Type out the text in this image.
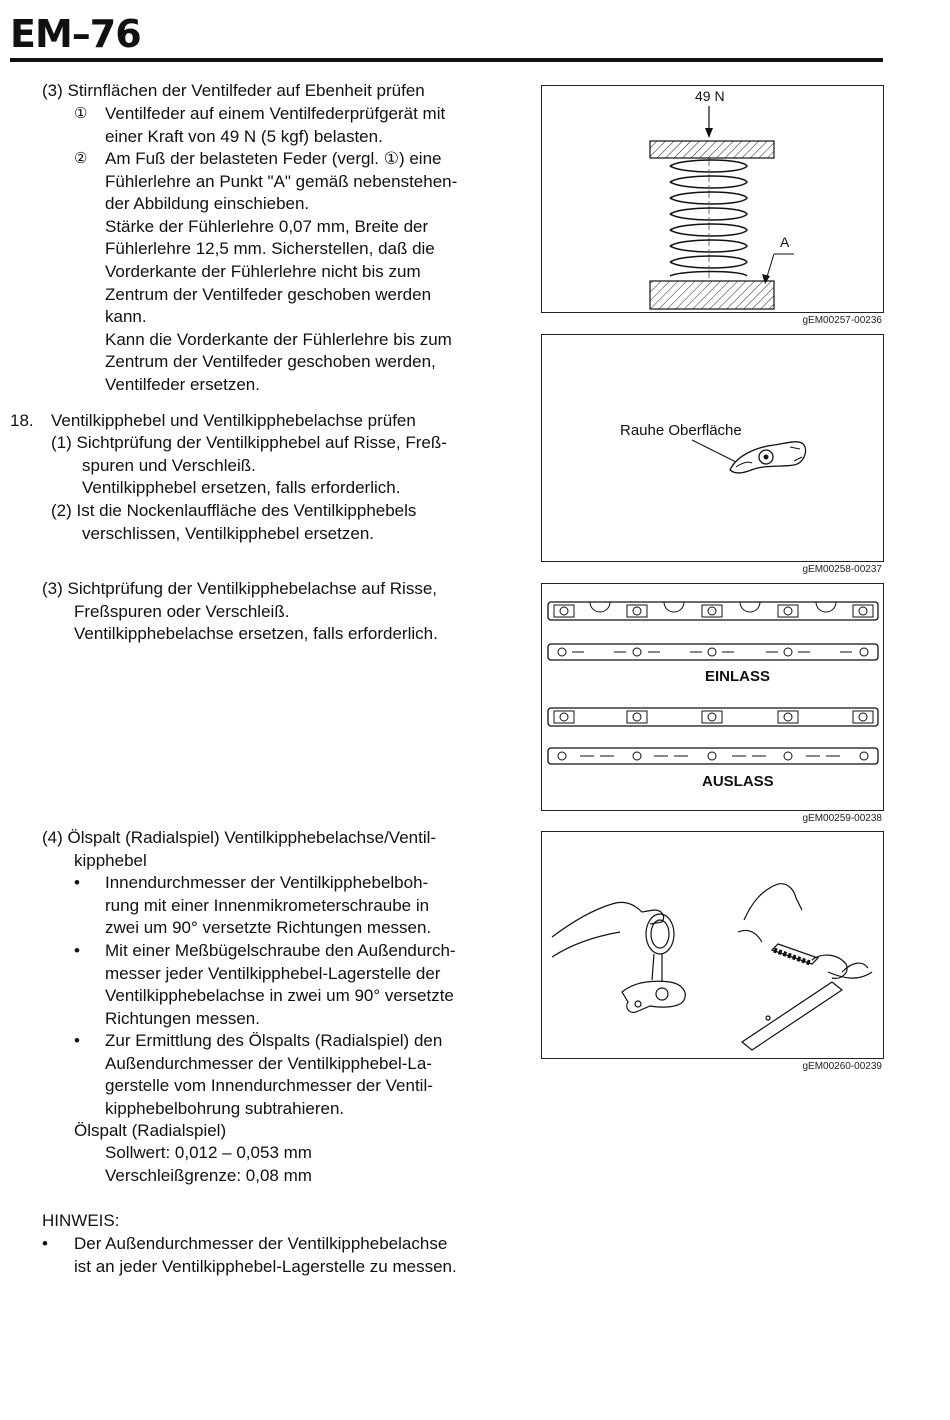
EM–76
(3) Stirnflächen der Ventilfeder auf Ebenheit prüfen
① Ventilfeder auf einem Ventilfederprüfgerät mit
einer Kraft von 49 N (5 kgf) belasten.
② Am Fuß der belasteten Feder (vergl. ①) eine
Fühlerlehre an Punkt "A" gemäß nebenstehen-
der Abbildung einschieben.
Stärke der Fühlerlehre 0,07 mm, Breite der
Fühlerlehre 12,5 mm. Sicherstellen, daß die
Vorderkante der Fühlerlehre nicht bis zum
Zentrum der Ventilfeder geschoben werden
kann.
Kann die Vorderkante der Fühlerlehre bis zum
Zentrum der Ventilfeder geschoben werden,
Ventilfeder ersetzen.
18. Ventilkipphebel und Ventilkipphebelachse prüfen
(1) Sichtprüfung der Ventilkipphebel auf Risse, Freß-
spuren und Verschleiß.
Ventilkipphebel ersetzen, falls erforderlich.
(2) Ist die Nockenlauffläche des Ventilkipphebels
verschlissen, Ventilkipphebel ersetzen.
(3) Sichtprüfung der Ventilkipphebelachse auf Risse,
Freßspuren oder Verschleiß.
Ventilkipphebelachse ersetzen, falls erforderlich.
(4) Ölspalt (Radialspiel) Ventilkipphebelachse/Ventil-
kipphebel
• Innendurchmesser der Ventilkipphebelboh-
rung mit einer Innenmikrometerschraube in
zwei um 90° versetzte Richtungen messen.
• Mit einer Meßbügelschraube den Außendurch-
messer jeder Ventilkipphebel-Lagerstelle der
Ventilkipphebelachse in zwei um 90° versetzte
Richtungen messen.
• Zur Ermittlung des Ölspalts (Radialspiel) den
Außendurchmesser der Ventilkipphebel-La-
gerstelle vom Innendurchmesser der Ventil-
kipphebelbohrung subtrahieren.
Ölspalt (Radialspiel)
Sollwert: 0,012 – 0,053 mm
Verschleißgrenze: 0,08 mm
HINWEIS:
• Der Außendurchmesser der Ventilkipphebelachse
ist an jeder Ventilkipphebel-Lagerstelle zu messen.
49 N
A
gEM00257-00236
Rauhe Oberfläche
gEM00258-00237
EINLASS
AUSLASS
gEM00259-00238
gEM00260-00239
